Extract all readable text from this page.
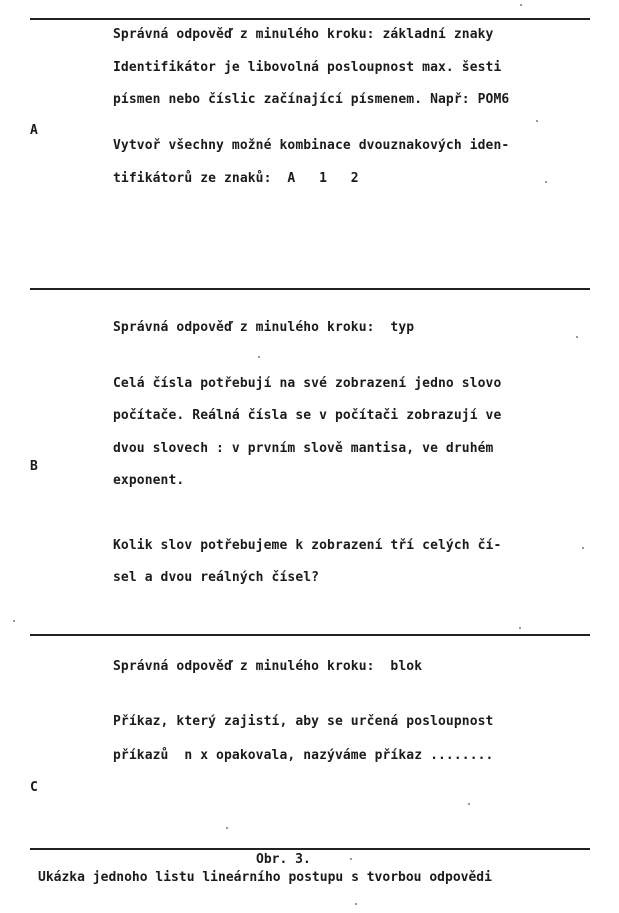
Správná odpověď z minulého kroku: základní znaky
Identifikátor je libovolná posloupnost max. šesti
písmen nebo číslic začínající písmenem. Např: POM6
A
Vytvoř všechny možné kombinace dvouznakových iden-
tifikátorů ze znaků:  A   1   2
Správná odpověď z minulého kroku:  typ
Celá čísla potřebují na své zobrazení jedno slovo
počítače. Reálná čísla se v počítači zobrazují ve
dvou slovech : v prvním slově mantisa, ve druhém
B
exponent.
Kolik slov potřebujeme k zobrazení tří celých čí-
sel a dvou reálných čísel?
Správná odpověď z minulého kroku:  blok
Příkaz, který zajistí, aby se určená posloupnost
příkazů  n x opakovala, nazýváme příkaz ........
C
Obr. 3.
Ukázka jednoho listu lineárního postupu s tvorbou odpovědi
